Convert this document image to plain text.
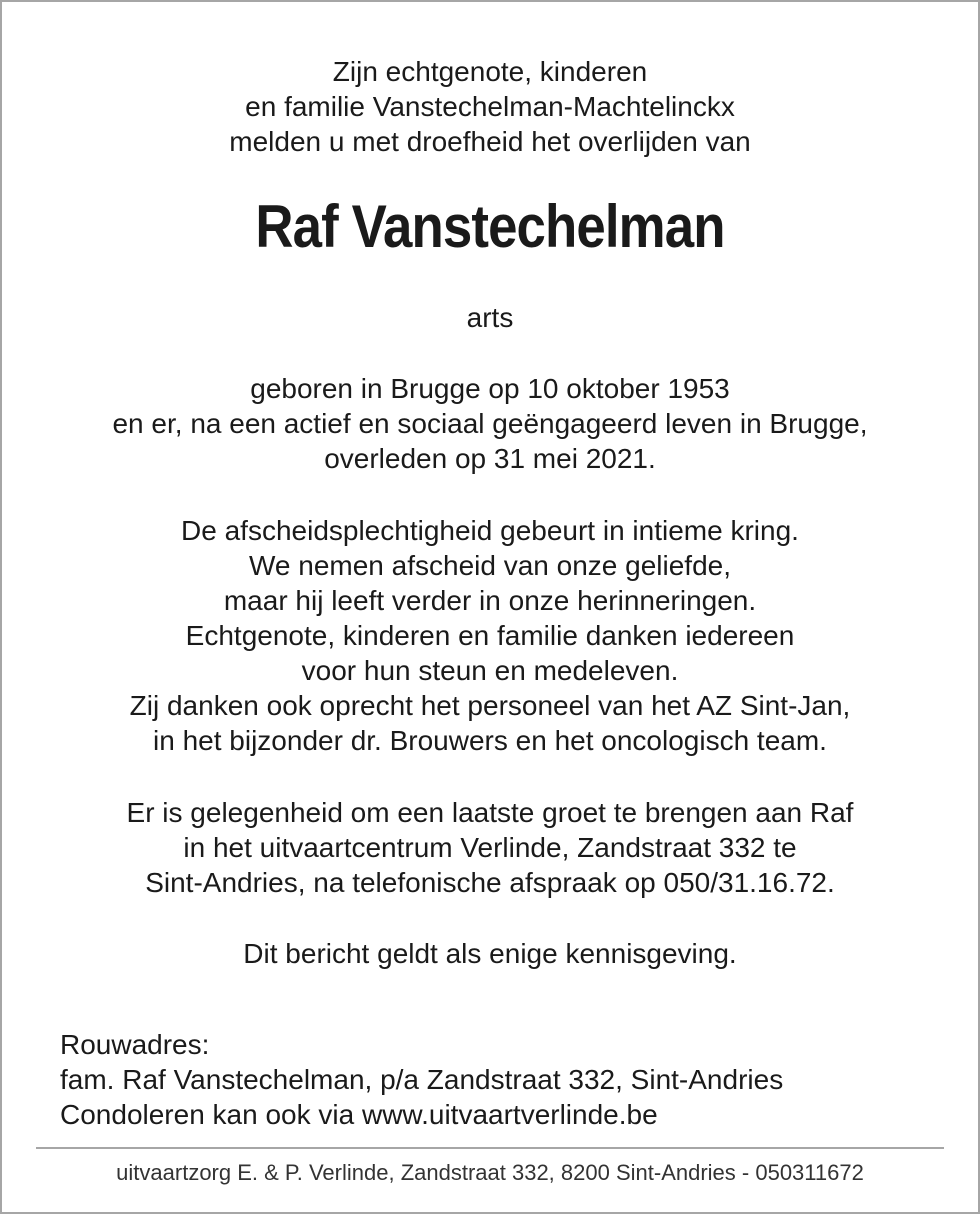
Zijn echtgenote, kinderen
en familie Vanstechelman-Machtelinckx
melden u met droefheid het overlijden van
Raf Vanstechelman
arts
geboren in Brugge op 10 oktober 1953
en er, na een actief en sociaal geëngageerd leven in Brugge,
overleden op 31 mei 2021.
De afscheidsplechtigheid gebeurt in intieme kring.
We nemen afscheid van onze geliefde,
maar hij leeft verder in onze herinneringen.
Echtgenote, kinderen en familie danken iedereen
voor hun steun en medeleven.
Zij danken ook oprecht het personeel van het AZ Sint-Jan,
in het bijzonder dr. Brouwers en het oncologisch team.
Er is gelegenheid om een laatste groet te brengen aan Raf
in het uitvaartcentrum Verlinde, Zandstraat 332 te
Sint-Andries, na telefonische afspraak op 050/31.16.72.
Dit bericht geldt als enige kennisgeving.
Rouwadres:
fam. Raf Vanstechelman, p/a Zandstraat 332, Sint-Andries
Condoleren kan ook via www.uitvaartverlinde.be
uitvaartzorg E. & P. Verlinde, Zandstraat 332, 8200 Sint-Andries - 050311672
